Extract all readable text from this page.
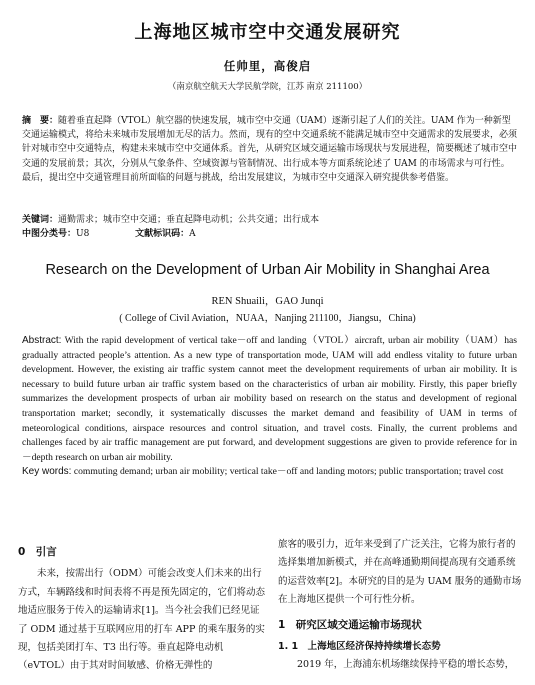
上海地区城市空中交通发展研究
任帅里，高俊启
（南京航空航天大学民航学院，江苏 南京 211100）
摘　要：随着垂直起降（VTOL）航空器的快速发展，城市空中交通（UAM）逐渐引起了人们的关注。UAM 作为一种新型交通运输模式，将给未来城市发展增加无尽的活力。然而，现有的空中交通系统不能满足城市空中交通需求的发展要求，必须针对城市空中交通特点，构建未来城市空中交通体系。首先，从研究区域交通运输市场现状与发展进程，简要概述了城市空中交通的发展前景；其次，分别从气象条件、空域资源与管制情况、出行成本等方面系统论述了 UAM 的市场需求与可行性。最后，提出空中交通管理目前所面临的问题与挑战，给出发展建议，为城市空中交通深入研究提供参考借鉴。
关键词：通勤需求；城市空中交通；垂直起降电动机；公共交通；出行成本
中图分类号：U8	文献标识码：A
Research on the Development of Urban Air Mobility in Shanghai Area
REN Shuaili，GAO Junqi
( College of Civil Aviation，NUAA，Nanjing 211100，Jiangsu，China)
Abstract: With the rapid development of vertical take－off and landing（VTOL）aircraft, urban air mobility（UAM）has gradually attracted people’s attention. As a new type of transportation mode, UAM will add endless vitality to future urban development. However, the existing air traffic system cannot meet the development requirements of urban air mobility. It is necessary to build future urban air traffic system based on the characteristics of urban air mobility. Firstly, this paper briefly summarizes the development prospects of urban air mobility based on research on the status and development of regional transportation market; secondly, it systematically discusses the market demand and feasibility of UAM in terms of meteorological conditions, airspace resources and control situation, and travel costs. Finally, the current problems and challenges faced by air traffic management are put forward, and development suggestions are given to provide reference for in－depth research on urban air mobility.
Key words: commuting demand; urban air mobility; vertical take－off and landing motors; public transportation; travel cost

0　引言

未来，按需出行（ODM）可能会改变人们未来的出行方式，车辆路线和时间表将不再是预先固定的，它们将动态地适应服务于传入的运输请求[1]。当今社会我们已经见证了 ODM 通过基于互联网应用的打车 APP 的乘车服务的实现，包括美团打车、T3 出行等。垂直起降电动机（eVTOL）由于其对时间敏感、价格无弹性的

旅客的吸引力，近年来受到了广泛关注，它将为旅行者的选择集增加新模式，并在高峰通勤期间提高现有交通系统的运营效率[2]。本研究的目的是为 UAM 服务的通勤市场在上海地区提供一个可行性分析。

1　研究区域交通运输市场现状

1. 1　上海地区经济保持持续增长态势

2019 年，上海浦东机场继续保持平稳的增长态势，
